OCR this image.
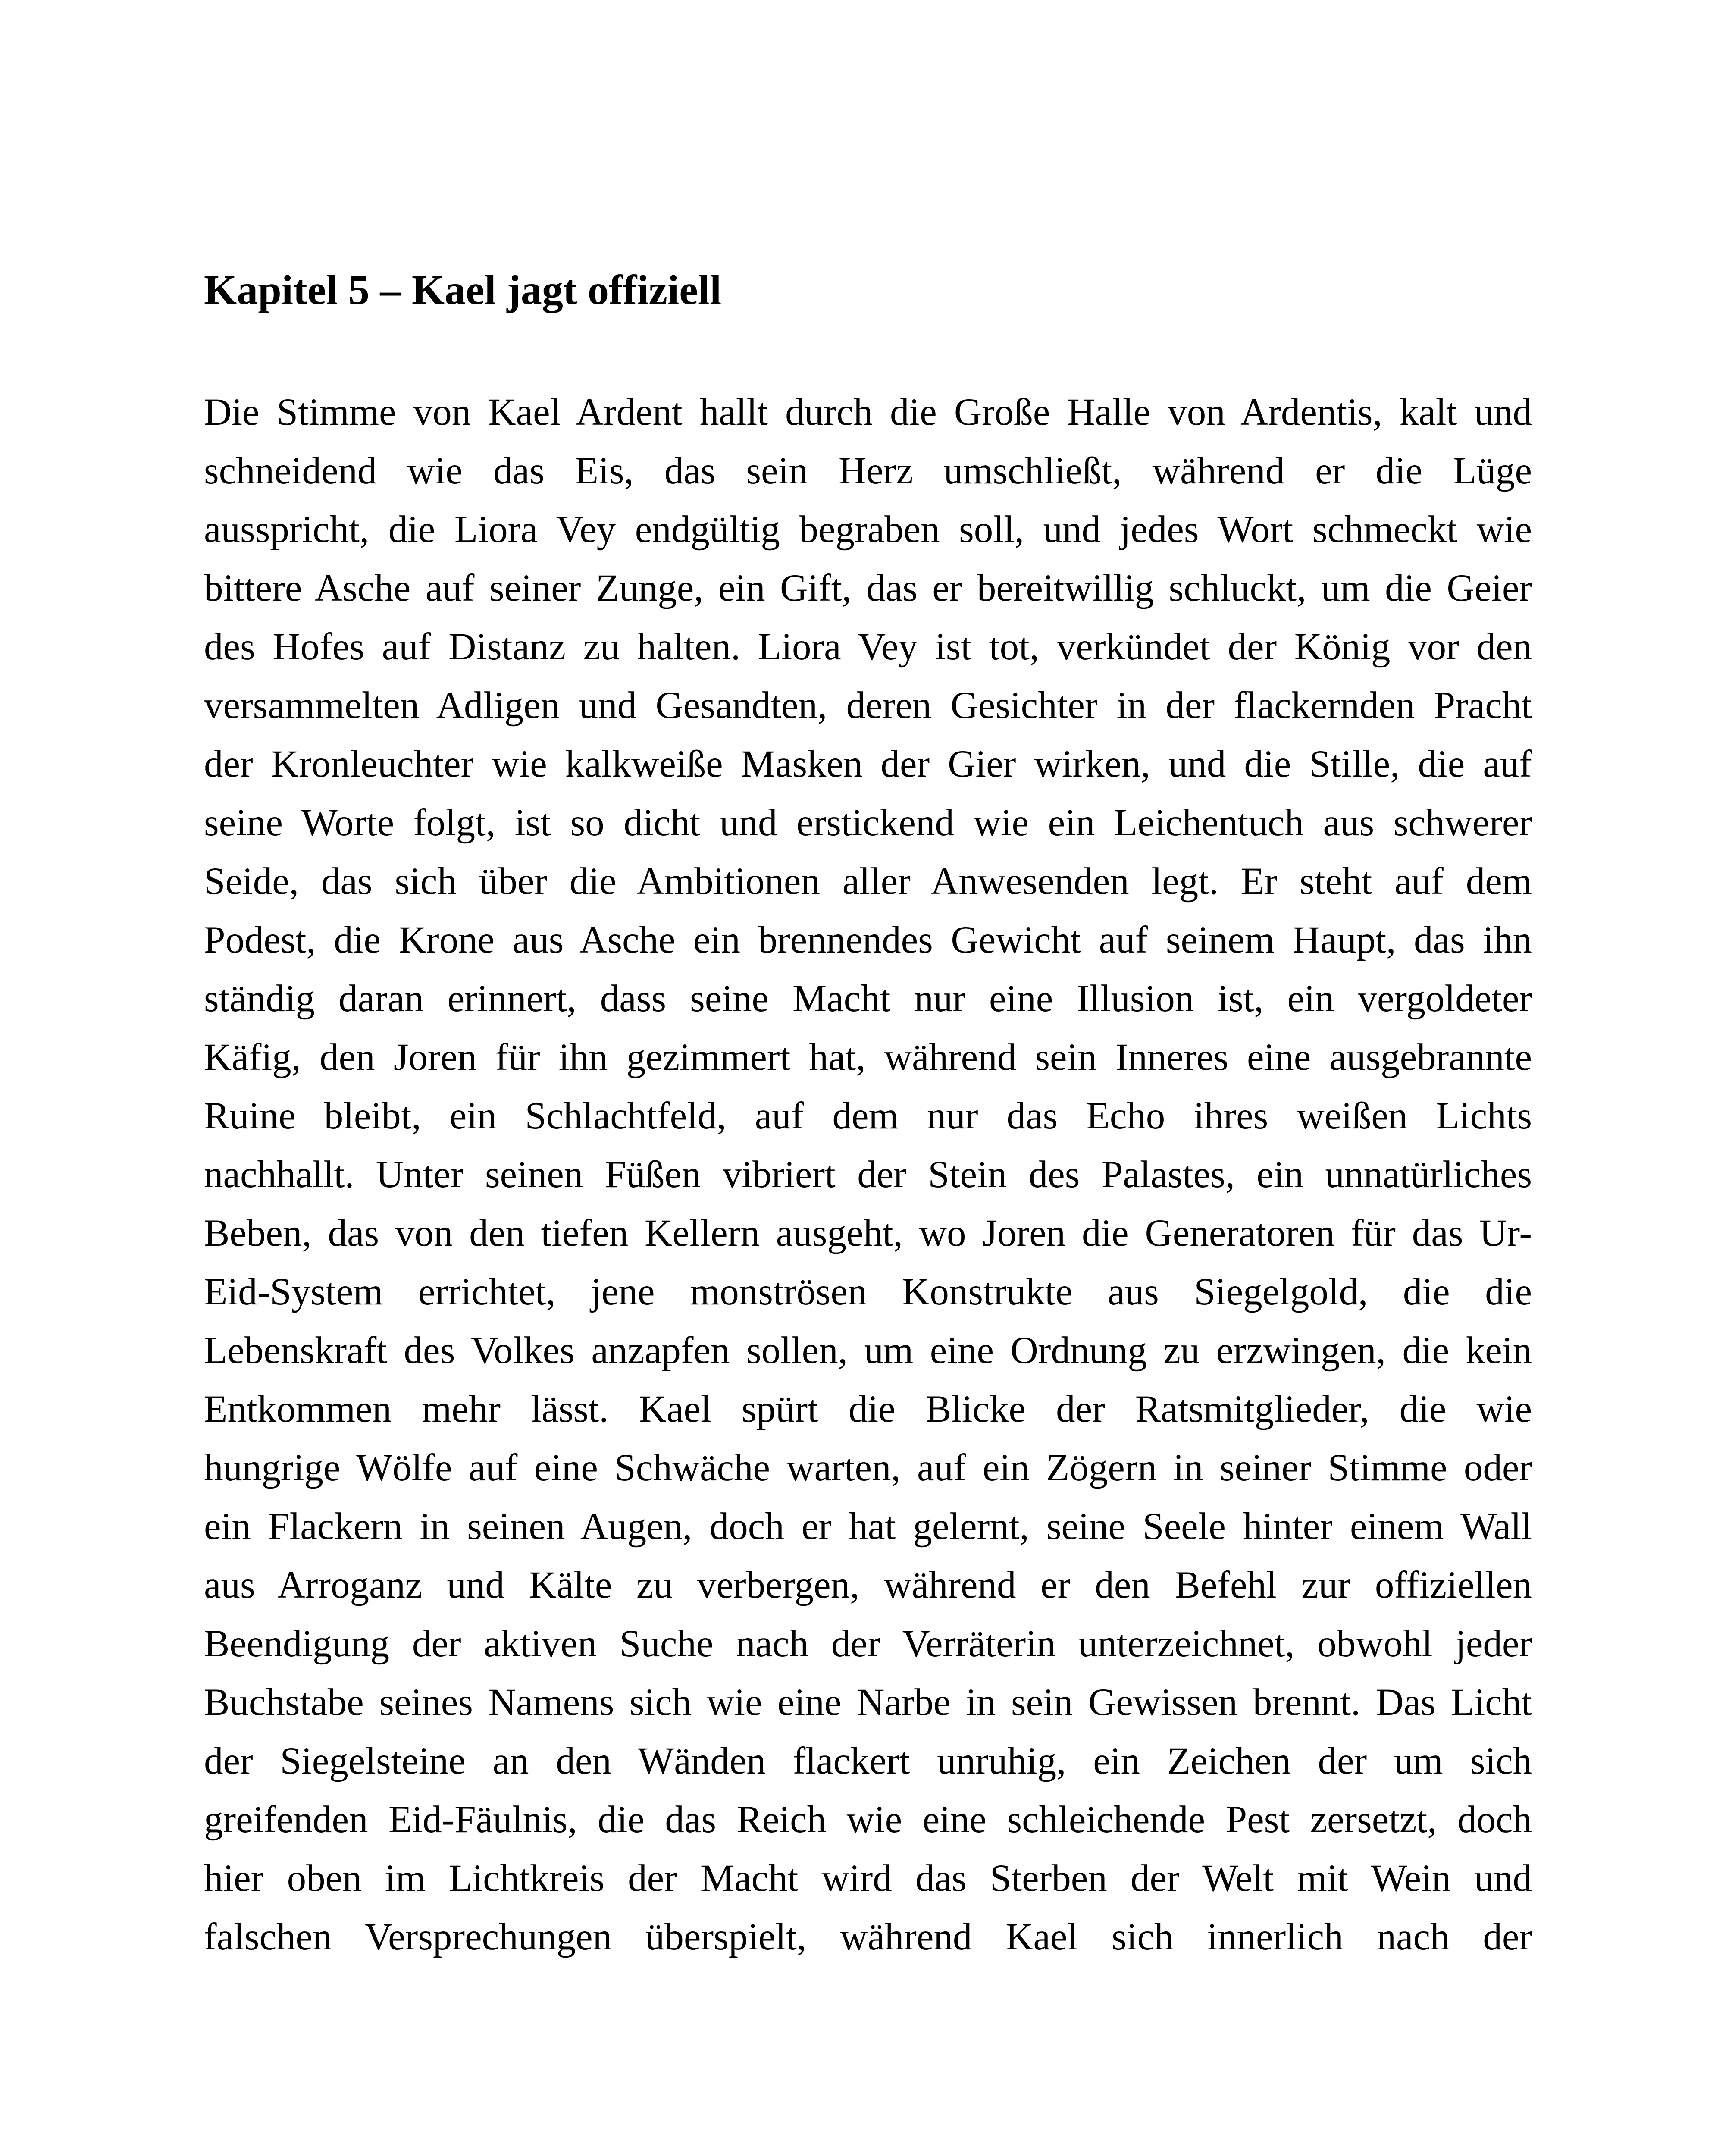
Kapitel 5 – Kael jagt offiziell
Die Stimme von Kael Ardent hallt durch die Große Halle von Ardentis, kalt und
schneidend wie das Eis, das sein Herz umschließt, während er die Lüge
ausspricht, die Liora Vey endgültig begraben soll, und jedes Wort schmeckt wie
bittere Asche auf seiner Zunge, ein Gift, das er bereitwillig schluckt, um die Geier
des Hofes auf Distanz zu halten. Liora Vey ist tot, verkündet der König vor den
versammelten Adligen und Gesandten, deren Gesichter in der flackernden Pracht
der Kronleuchter wie kalkweiße Masken der Gier wirken, und die Stille, die auf
seine Worte folgt, ist so dicht und erstickend wie ein Leichentuch aus schwerer
Seide, das sich über die Ambitionen aller Anwesenden legt. Er steht auf dem
Podest, die Krone aus Asche ein brennendes Gewicht auf seinem Haupt, das ihn
ständig daran erinnert, dass seine Macht nur eine Illusion ist, ein vergoldeter
Käfig, den Joren für ihn gezimmert hat, während sein Inneres eine ausgebrannte
Ruine bleibt, ein Schlachtfeld, auf dem nur das Echo ihres weißen Lichts
nachhallt. Unter seinen Füßen vibriert der Stein des Palastes, ein unnatürliches
Beben, das von den tiefen Kellern ausgeht, wo Joren die Generatoren für das Ur-
Eid-System errichtet, jene monströsen Konstrukte aus Siegelgold, die die
Lebenskraft des Volkes anzapfen sollen, um eine Ordnung zu erzwingen, die kein
Entkommen mehr lässt. Kael spürt die Blicke der Ratsmitglieder, die wie
hungrige Wölfe auf eine Schwäche warten, auf ein Zögern in seiner Stimme oder
ein Flackern in seinen Augen, doch er hat gelernt, seine Seele hinter einem Wall
aus Arroganz und Kälte zu verbergen, während er den Befehl zur offiziellen
Beendigung der aktiven Suche nach der Verräterin unterzeichnet, obwohl jeder
Buchstabe seines Namens sich wie eine Narbe in sein Gewissen brennt. Das Licht
der Siegelsteine an den Wänden flackert unruhig, ein Zeichen der um sich
greifenden Eid-Fäulnis, die das Reich wie eine schleichende Pest zersetzt, doch
hier oben im Lichtkreis der Macht wird das Sterben der Welt mit Wein und
falschen Versprechungen überspielt, während Kael sich innerlich nach der
